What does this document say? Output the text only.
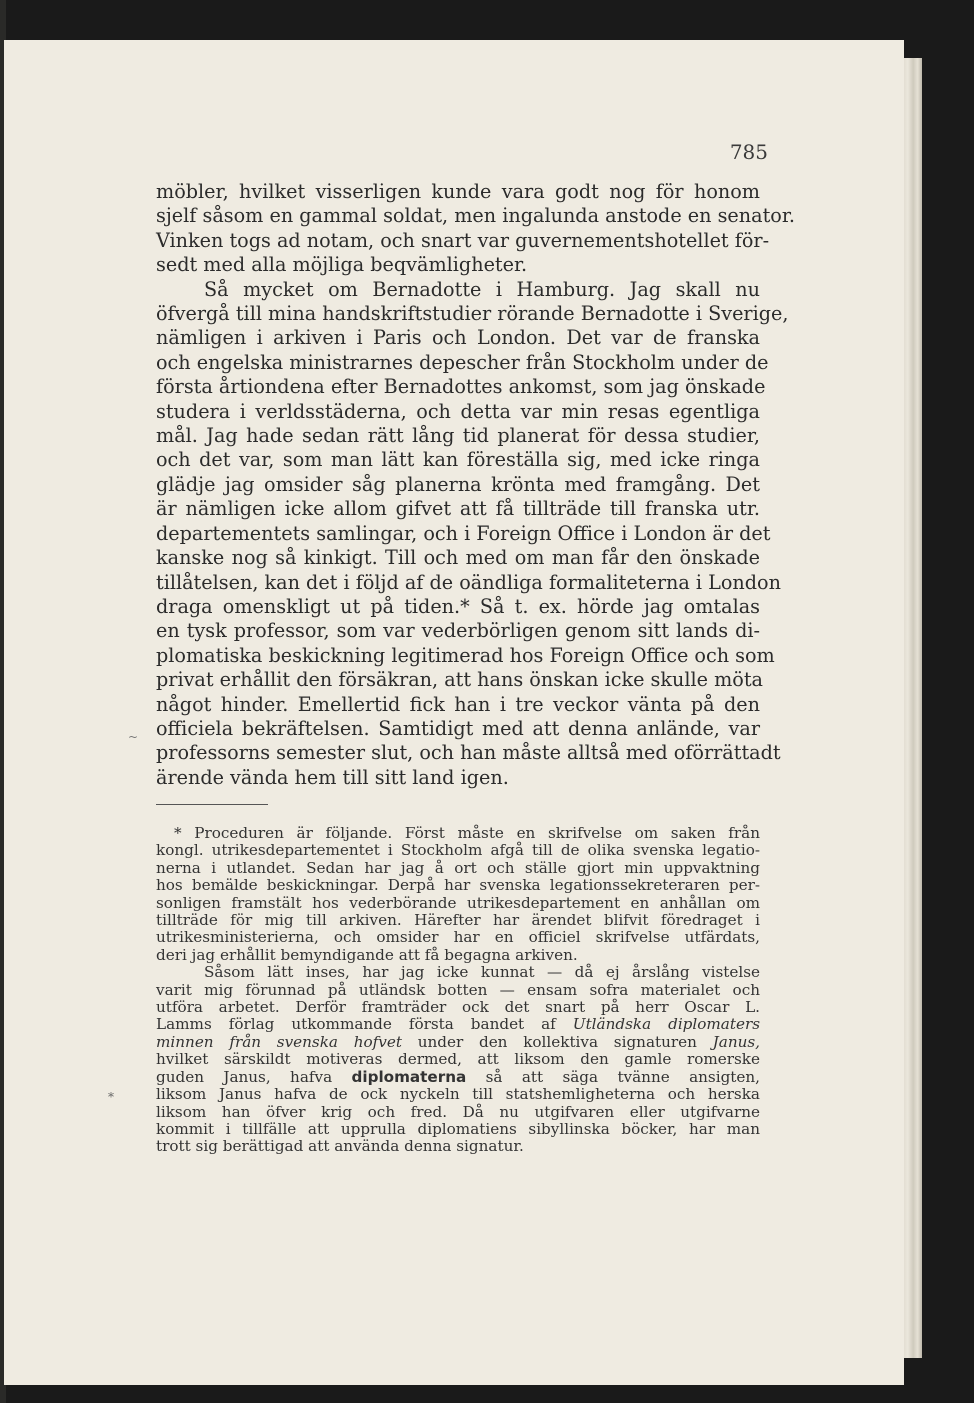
785
möbler, hvilket visserligen kunde vara godt nog för honom
sjelf såsom en gammal soldat, men ingalunda anstode en senator.
Vinken togs ad notam, och snart var guvernementshotellet för-
sedt med alla möjliga beqvämligheter.
Så mycket om Bernadotte i Hamburg. Jag skall nu
öfvergå till mina handskriftstudier rörande Bernadotte i Sverige,
nämligen i arkiven i Paris och London. Det var de franska
och engelska ministrarnes depescher från Stockholm under de
första årtiondena efter Bernadottes ankomst, som jag önskade
studera i verldsstäderna, och detta var min resas egentliga
mål. Jag hade sedan rätt lång tid planerat för dessa studier,
och det var, som man lätt kan föreställa sig, med icke ringa
glädje jag omsider såg planerna krönta med framgång. Det
är nämligen icke allom gifvet att få tillträde till franska utr.
departementets samlingar, och i Foreign Office i London är det
kanske nog så kinkigt. Till och med om man får den önskade
tillåtelsen, kan det i följd af de oändliga formaliteterna i London
draga omenskligt ut på tiden.* Så t. ex. hörde jag omtalas
en tysk professor, som var vederbörligen genom sitt lands di-
plomatiska beskickning legitimerad hos Foreign Office och som
privat erhållit den försäkran, att hans önskan icke skulle möta
något hinder. Emellertid fick han i tre veckor vänta på den
officiela bekräftelsen. Samtidigt med att denna anlände, var
professorns semester slut, och han måste alltså med oförrättadt
ärende vända hem till sitt land igen.
~
* Proceduren är följande. Först måste en skrifvelse om saken från
kongl. utrikesdepartementet i Stockholm afgå till de olika svenska legatio-
nerna i utlandet. Sedan har jag å ort och ställe gjort min uppvaktning
hos bemälde beskickningar. Derpå har svenska legationssekreteraren per-
sonligen framstält hos vederbörande utrikesdepartement en anhållan om
tillträde för mig till arkiven. Härefter har ärendet blifvit föredraget i
utrikesministerierna, och omsider har en officiel skrifvelse utfärdats,
deri jag erhållit bemyndigande att få begagna arkiven.
Såsom lätt inses, har jag icke kunnat — då ej årslång vistelse
varit mig förunnad på utländsk botten — ensam sofra materialet och
utföra arbetet. Derför framträder ock det snart på herr Oscar L.
Lamms förlag utkommande första bandet af Utländska diplomaters
minnen från svenska hofvet under den kollektiva signaturen Janus,
hvilket särskildt motiveras dermed, att liksom den gamle romerske
guden Janus, hafva diplomaterna så att säga tvänne ansigten,
liksom Janus hafva de ock nyckeln till statshemligheterna och herska
liksom han öfver krig och fred. Då nu utgifvaren eller utgifvarne
kommit i tillfälle att upprulla diplomatiens sibyllinska böcker, har man
trott sig berättigad att använda denna signatur.
*
